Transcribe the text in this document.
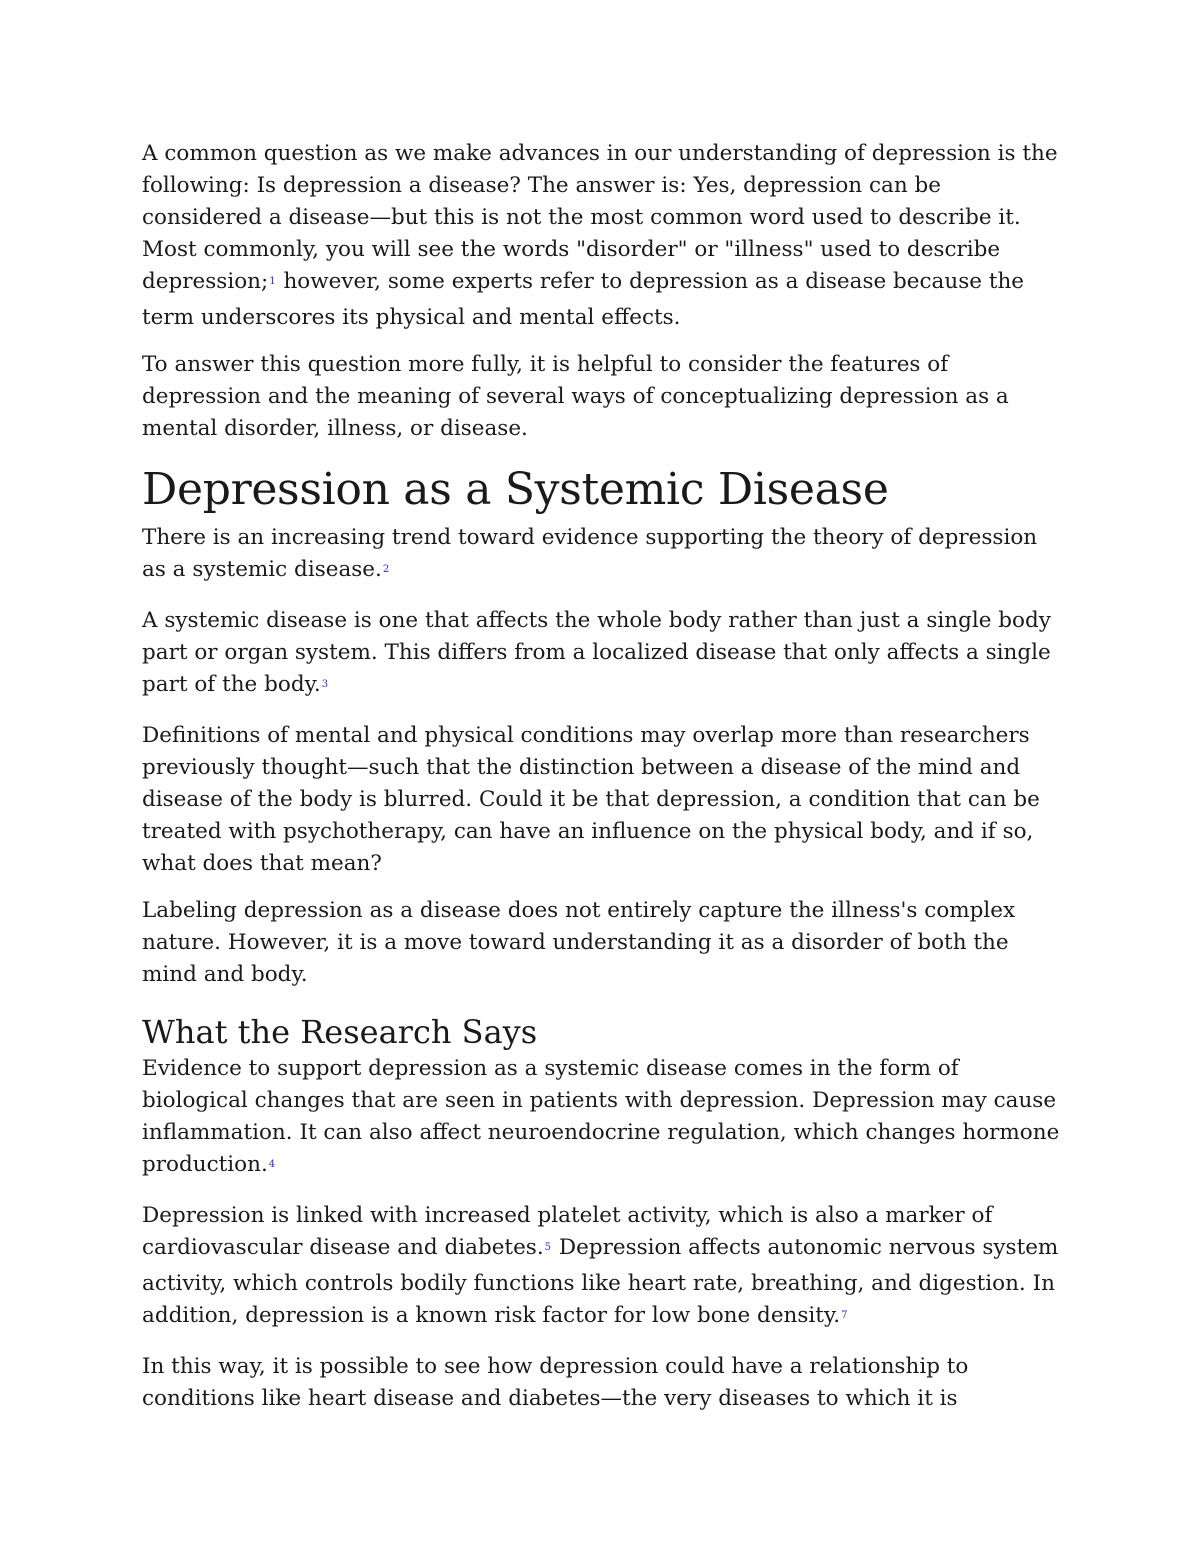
A common question as we make advances in our understanding of depression is the following: Is depression a disease? The answer is: Yes, depression can be considered a disease—but this is not the most common word used to describe it. Most commonly, you will see the words "disorder" or "illness" used to describe depression;$^1$ however, some experts refer to depression as a disease because the term underscores its physical and mental effects.

To answer this question more fully, it is helpful to consider the features of depression and the meaning of several ways of conceptualizing depression as a mental disorder, illness, or disease.

Depression as a Systemic Disease

There is an increasing trend toward evidence supporting the theory of depression as a systemic disease.$^2$

A systemic disease is one that affects the whole body rather than just a single body part or organ system. This differs from a localized disease that only affects a single part of the body.$^3$

Definitions of mental and physical conditions may overlap more than researchers previously thought—such that the distinction between a disease of the mind and disease of the body is blurred. Could it be that depression, a condition that can be treated with psychotherapy, can have an influence on the physical body, and if so, what does that mean?

Labeling depression as a disease does not entirely capture the illness's complex nature. However, it is a move toward understanding it as a disorder of both the mind and body.

What the Research Says

Evidence to support depression as a systemic disease comes in the form of biological changes that are seen in patients with depression. Depression may cause inflammation. It can also affect neuroendocrine regulation, which changes hormone production.$^4$

Depression is linked with increased platelet activity, which is also a marker of cardiovascular disease and diabetes.$^5$ Depression affects autonomic nervous system activity, which controls bodily functions like heart rate, breathing, and digestion. In addition, depression is a known risk factor for low bone density.$^7$

In this way, it is possible to see how depression could have a relationship to conditions like heart disease and diabetes—the very diseases to which it is
